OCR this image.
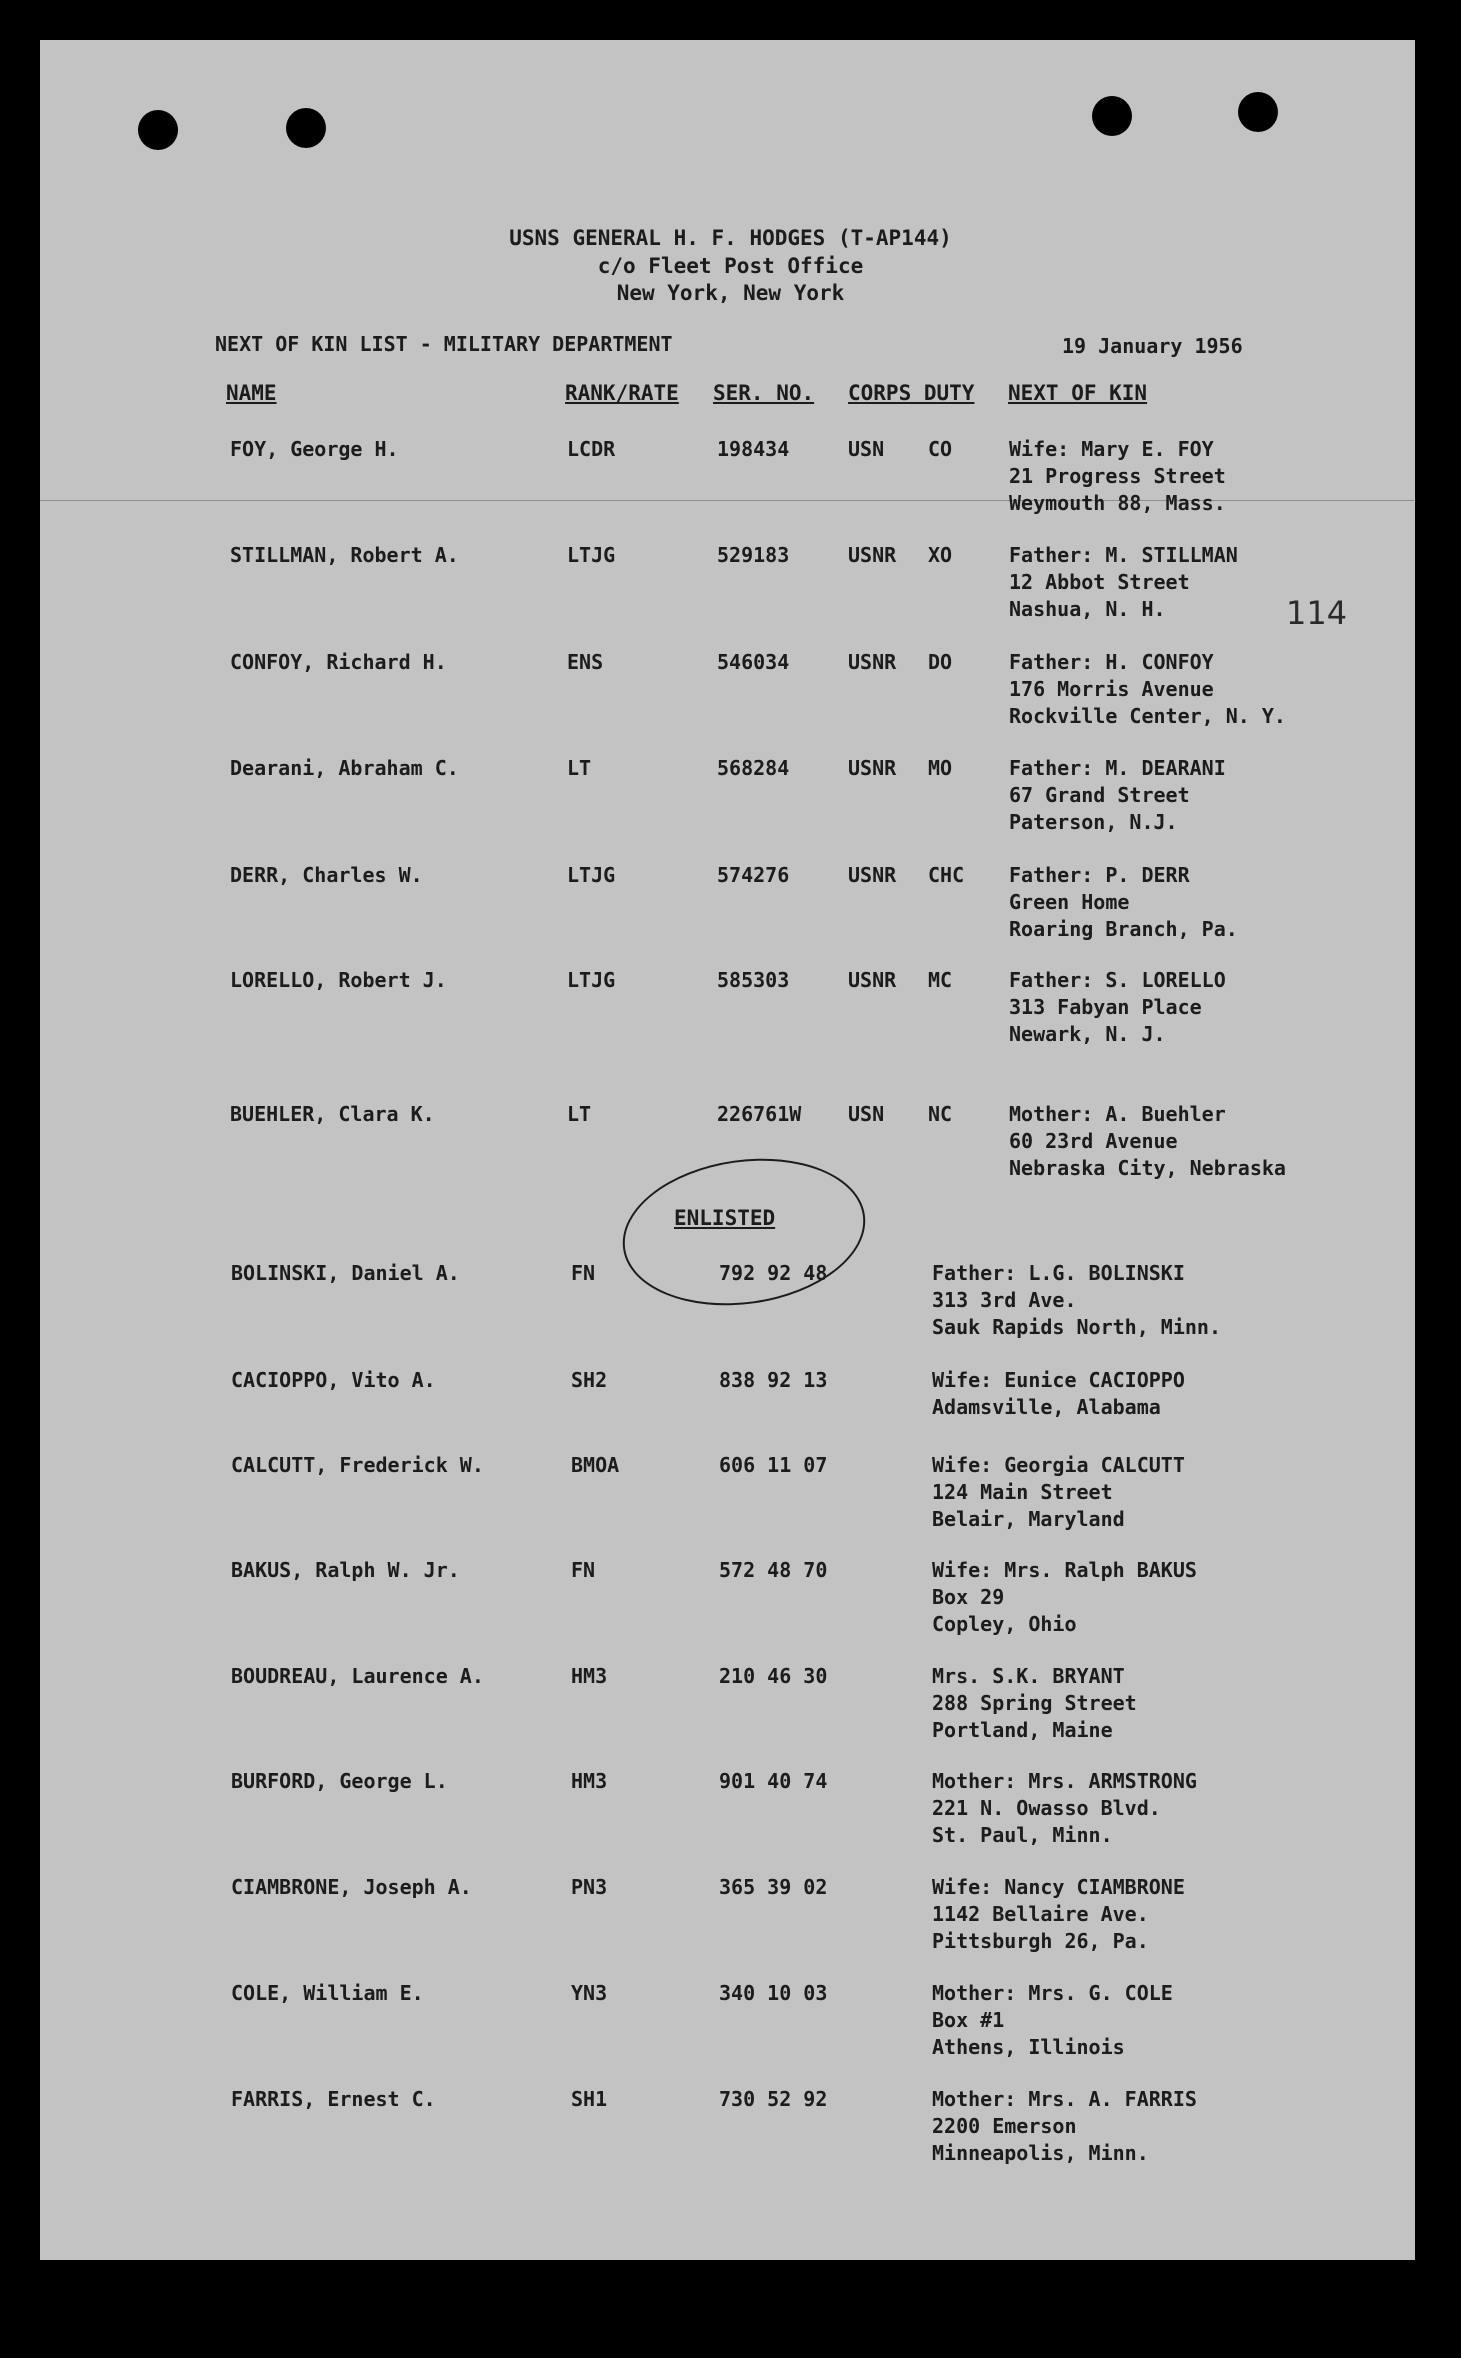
USNS GENERAL H. F. HODGES (T-AP144)
c/o Fleet Post Office
New York, New York
NEXT OF KIN LIST - MILITARY DEPARTMENT	19 January 1956
NAME	RANK/RATE SER. NO. CORPS DUTY NEXT OF KIN
114
FOY, George H.	LCDR	198434	USN CO	Wife: Mary E. FOY
21 Progress Street
Weymouth 88, Mass.
STILLMAN, Robert A.	LTJG	529183	USNR XO	Father: M. STILLMAN
12 Abbot Street
Nashua, N. H.
CONFOY, Richard H.	ENS	546034	USNR DO	Father: H. CONFOY
176 Morris Avenue
Rockville Center, N. Y.
Dearani, Abraham C.	LT	568284	USNR MO	Father: M. DEARANI
67 Grand Street
Paterson, N.J.
DERR, Charles W.	LTJG	574276	USNR CHC Father: P. DERR
Green Home
Roaring Branch, Pa.
LORELLO, Robert J.	LTJG	585303	USNR MC	Father: S. LORELLO
313 Fabyan Place
Newark, N. J.
BUEHLER, Clara K.	LT	226761W USN NC	Mother: A. Buehler
60 23rd Avenue
Nebraska City, Nebraska
ENLISTED
BOLINSKI, Daniel A.	FN	792 92 48	Father: L.G. BOLINSKI
313 3rd Ave.
Sauk Rapids North, Minn.
CACIOPPO, Vito A.	SH2	838 92 13	Wife: Eunice CACIOPPO
Adamsville, Alabama
CALCUTT, Frederick W.	BMOA	606 11 07	Wife: Georgia CALCUTT
124 Main Street
Belair, Maryland
BAKUS, Ralph W. Jr.	FN	572 48 70	Wife: Mrs. Ralph BAKUS
Box 29
Copley, Ohio
BOUDREAU, Laurence A.	HM3	210 46 30	Mrs. S.K. BRYANT
288 Spring Street
Portland, Maine
BURFORD, George L.	HM3	901 40 74	Mother: Mrs. ARMSTRONG
221 N. Owasso Blvd.
St. Paul, Minn.
CIAMBRONE, Joseph A.	PN3	365 39 02	Wife: Nancy CIAMBRONE
1142 Bellaire Ave.
Pittsburgh 26, Pa.
COLE, William E.	YN3	340 10 03	Mother: Mrs. G. COLE
Box #1
Athens, Illinois
FARRIS, Ernest C.	SH1	730 52 92	Mother: Mrs. A. FARRIS
2200 Emerson
Minneapolis, Minn.
